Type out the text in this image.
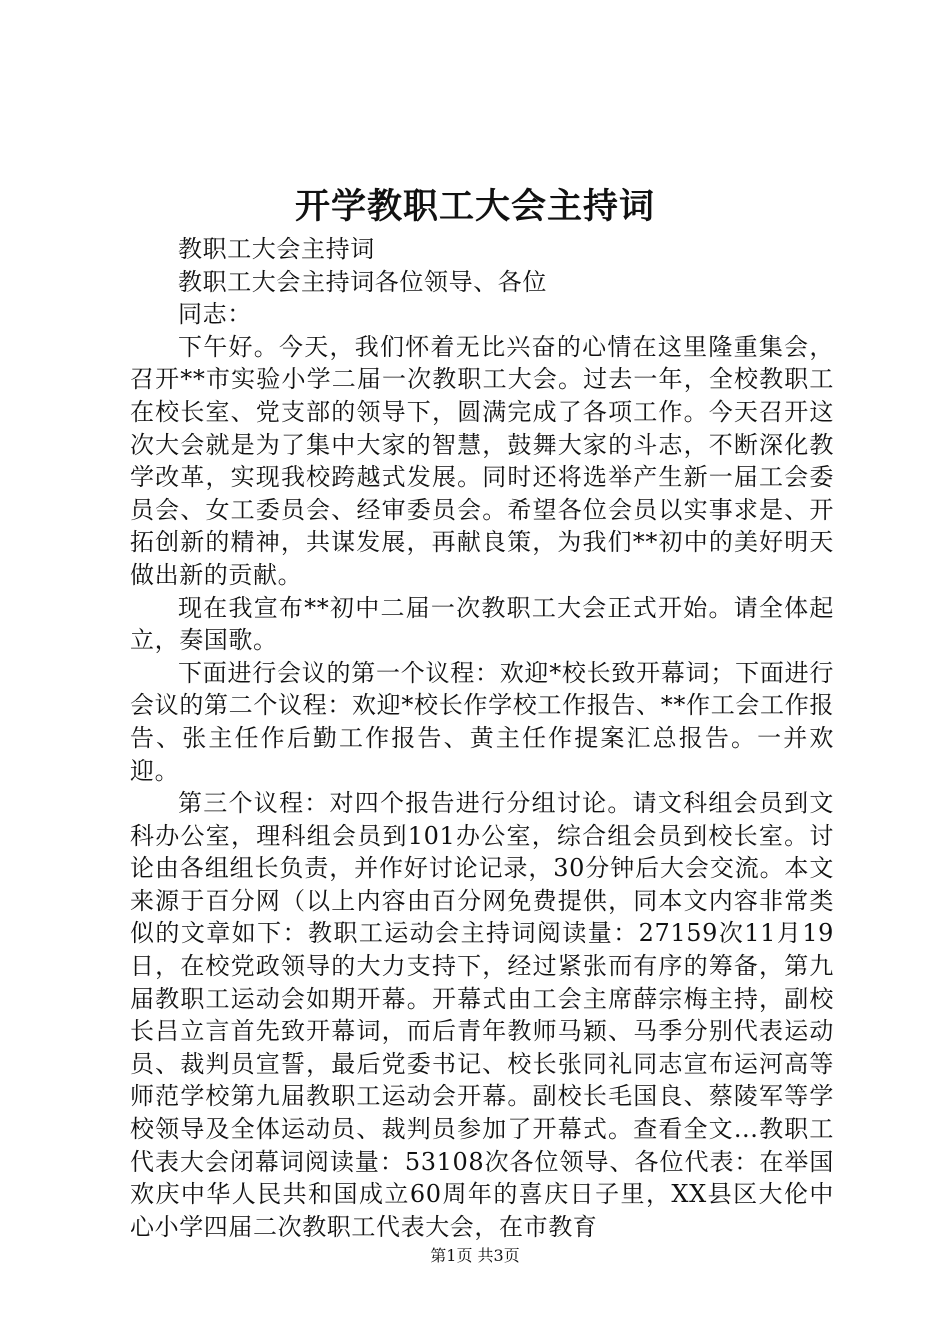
开学教职工大会主持词

教职工大会主持词

教职工大会主持词各位领导、各位

同志：

下午好。今天，我们怀着无比兴奋的心情在这里隆重集会，召开**市实验小学二届一次教职工大会。过去一年，全校教职工在校长室、党支部的领导下，圆满完成了各项工作。今天召开这次大会就是为了集中大家的智慧，鼓舞大家的斗志，不断深化教学改革，实现我校跨越式发展。同时还将选举产生新一届工会委员会、女工委员会、经审委员会。希望各位会员以实事求是、开拓创新的精神，共谋发展，再献良策，为我们**初中的美好明天做出新的贡献。

现在我宣布**初中二届一次教职工大会正式开始。请全体起立，奏国歌。

下面进行会议的第一个议程：欢迎*校长致开幕词；下面进行会议的第二个议程：欢迎*校长作学校工作报告、**作工会工作报告、张主任作后勤工作报告、黄主任作提案汇总报告。一并欢迎。

第三个议程：对四个报告进行分组讨论。请文科组会员到文科办公室，理科组会员到101办公室，综合组会员到校长室。讨论由各组组长负责，并作好讨论记录，30分钟后大会交流。本文来源于百分网（以上内容由百分网免费提供，同本文内容非常类似的文章如下：教职工运动会主持词阅读量：27159次11月19日，在校党政领导的大力支持下，经过紧张而有序的筹备，第九届教职工运动会如期开幕。开幕式由工会主席薛宗梅主持，副校长吕立言首先致开幕词，而后青年教师马颖、马季分别代表运动员、裁判员宣誓，最后党委书记、校长张同礼同志宣布运河高等师范学校第九届教职工运动会开幕。副校长毛国良、蔡陵军等学校领导及全体运动员、裁判员参加了开幕式。查看全文...教职工代表大会闭幕词阅读量：53108次各位领导、各位代表：在举国欢庆中华人民共和国成立60周年的喜庆日子里，XX县区大伦中心小学四届二次教职工代表大会，在市教育

第1页 共3页
